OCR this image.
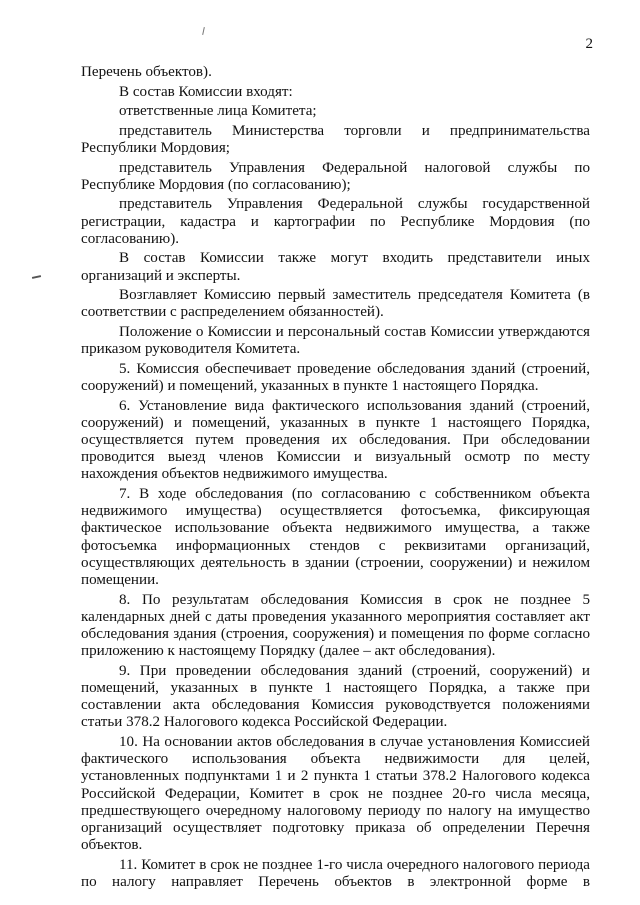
2

Перечень объектов).

В состав Комиссии входят:

ответственные лица Комитета;

представитель Министерства торговли и предпринимательства Республики Мордовия;

представитель Управления Федеральной налоговой службы по Республике Мордовия (по согласованию);

представитель Управления Федеральной службы государственной регистрации, кадастра и картографии по Республике Мордовия (по согласованию).

В состав Комиссии также могут входить представители иных организаций и эксперты.

Возглавляет Комиссию первый заместитель председателя Комитета (в соответствии с распределением обязанностей).

Положение о Комиссии и персональный состав Комиссии утверждаются приказом руководителя Комитета.

5. Комиссия обеспечивает проведение обследования зданий (строений, сооружений) и помещений, указанных в пункте 1 настоящего Порядка.

6. Установление вида фактического использования зданий (строений, сооружений) и помещений, указанных в пункте 1 настоящего Порядка, осуществляется путем проведения их обследования. При обследовании проводится выезд членов Комиссии и визуальный осмотр по месту нахождения объектов недвижимого имущества.

7. В ходе обследования (по согласованию с собственником объекта недвижимого имущества) осуществляется фотосъемка, фиксирующая фактическое использование объекта недвижимого имущества, а также фотосъемка информационных стендов с реквизитами организаций, осуществляющих деятельность в здании (строении, сооружении) и нежилом помещении.

8. По результатам обследования Комиссия в срок не позднее 5 календарных дней с даты проведения указанного мероприятия составляет акт обследования здания (строения, сооружения) и помещения по форме согласно приложению к настоящему Порядку (далее – акт обследования).

9. При проведении обследования зданий (строений, сооружений) и помещений, указанных в пункте 1 настоящего Порядка, а также при составлении акта обследования Комиссия руководствуется положениями статьи 378.2 Налогового кодекса Российской Федерации.

10. На основании актов обследования в случае установления Комиссией фактического использования объекта недвижимости для целей, установленных подпунктами 1 и 2 пункта 1 статьи 378.2 Налогового кодекса Российской Федерации, Комитет в срок не позднее 20-го числа месяца, предшествующего очередному налоговому периоду по налогу на имущество организаций осуществляет подготовку приказа об определении Перечня объектов.

11. Комитет в срок не позднее 1-го числа очередного налогового периода по налогу направляет Перечень объектов в электронной форме в
